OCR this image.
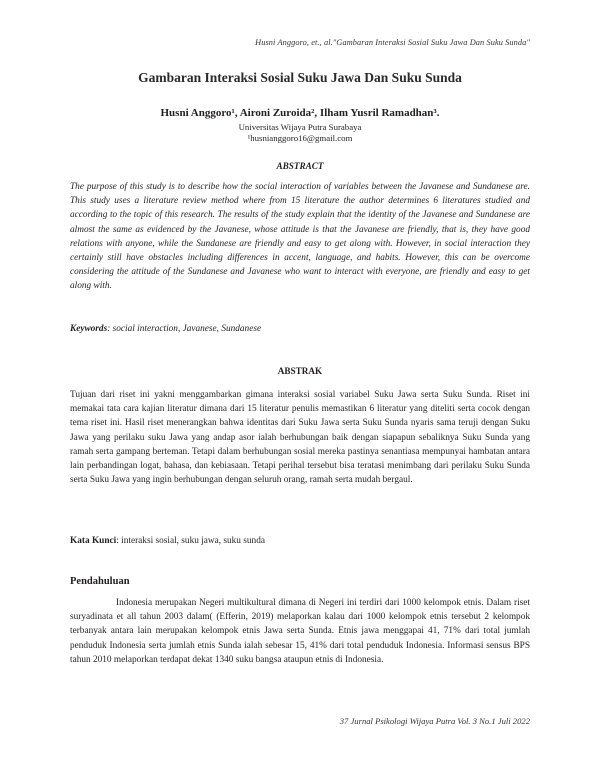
Husni Anggoro, et., al."Gambaran Interaksi Sosial Suku Jawa Dan Suku Sunda"
Gambaran Interaksi Sosial Suku Jawa Dan Suku Sunda
Husni Anggoro¹, Aironi Zuroida², Ilham Yusril Ramadhan³.
Universitas Wijaya Putra Surabaya
¹husnianggoro16@gmail.com
ABSTRACT

The purpose of this study is to describe how the social interaction of variables between the Javanese and Sundanese are. This study uses a literature review method where from 15 literature the author determines 6 literatures studied and according to the topic of this research. The results of the study explain that the identity of the Javanese and Sundanese are almost the same as evidenced by the Javanese, whose attitude is that the Javanese are friendly, that is, they have good relations with anyone, while the Sundanese are friendly and easy to get along with. However, in social interaction they certainly still have obstacles including differences in accent, language, and habits. However, this can be overcome considering the attitude of the Sundanese and Javanese who want to interact with everyone, are friendly and easy to get along with.

Keywords: social interaction, Javanese, Sundanese
ABSTRAK

Tujuan dari riset ini yakni menggambarkan gimana interaksi sosial variabel Suku Jawa serta Suku Sunda. Riset ini memakai tata cara kajian literatur dimana dari 15 literatur penulis memastikan 6 literatur yang diteliti serta cocok dengan tema riset ini. Hasil riset menerangkan bahwa identitas dari Suku Jawa serta Suku Sunda nyaris sama teruji dengan Suku Jawa yang perilaku suku Jawa yang andap asor ialah berhubungan baik dengan siapapun sebaliknya Suku Sunda yang ramah serta gampang berteman. Tetapi dalam berhubungan sosial mereka pastinya senantiasa mempunyai hambatan antara lain perbandingan logat, bahasa, dan kebiasaan. Tetapi perihal tersebut bisa teratasi menimbang dari perilaku Suku Sunda serta Suku Jawa yang ingin berhubungan dengan seluruh orang, ramah serta mudah bergaul.

Kata Kunci: interaksi sosial, suku jawa, suku sunda
Pendahuluan

Indonesia merupakan Negeri multikultural dimana di Negeri ini terdiri dari 1000 kelompok etnis. Dalam riset suryadinata et all tahun 2003 dalam( (Efferin, 2019) melaporkan kalau dari 1000 kelompok etnis tersebut 2 kelompok terbanyak antara lain merupakan kelompok etnis Jawa serta Sunda. Etnis jawa menggapai 41, 71% dari total jumlah penduduk Indonesia serta jumlah etnis Sunda ialah sebesar 15, 41% dari total penduduk Indonesia. Informasi sensus BPS tahun 2010 melaporkan terdapat dekat 1340 suku bangsa ataupun etnis di Indonesia.

37 Jurnal Psikologi Wijaya Putra Vol. 3 No.1 Juli 2022
